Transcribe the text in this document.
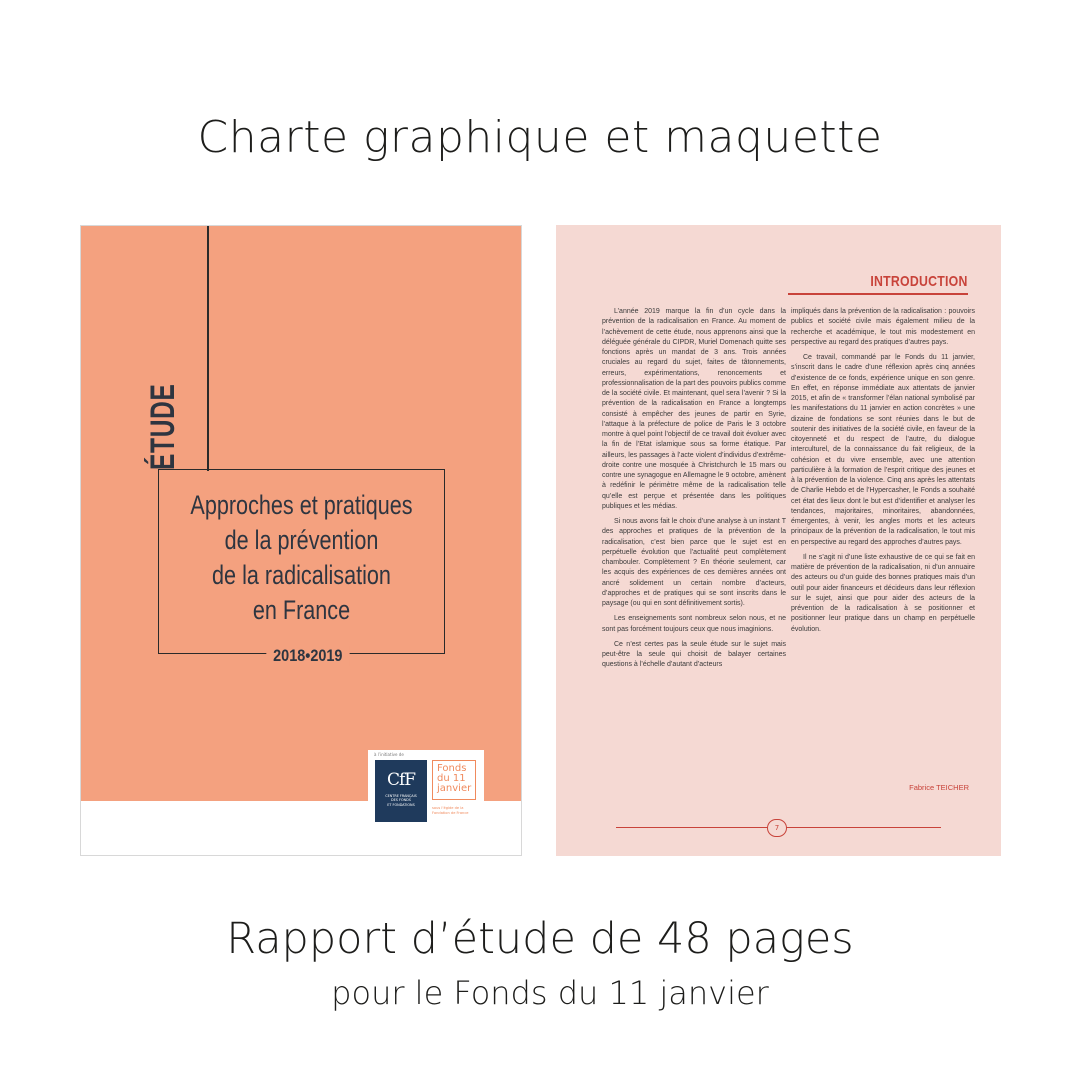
Charte graphique et maquette
ÉTUDE
Approches et pratiques
de la prévention
de la radicalisation
en France
2018•2019
à l’initiative de
CfF
CENTRE FRANÇAIS
DES FONDS
ET FONDATIONS
Fonds
du 11
janvier
sous l’égide de la Fondation de France
INTRODUCTION

L’année 2019 marque la fin d’un cycle dans la prévention de la radicalisation en France. Au moment de l’achèvement de cette étude, nous apprenons ainsi que la déléguée générale du CIPDR, Muriel Domenach quitte ses fonctions après un mandat de 3 ans. Trois années cruciales au regard du sujet, faites de tâtonnements, erreurs, expérimentations, renoncements et professionnalisation de la part des pouvoirs publics comme de la société civile. Et maintenant, quel sera l’avenir ? Si la prévention de la radicalisation en France a longtemps consisté à empêcher des jeunes de partir en Syrie, l’attaque à la préfecture de police de Paris le 3 octobre montre à quel point l’objectif de ce travail doit évoluer avec la fin de l’Etat islamique sous sa forme étatique. Par ailleurs, les passages à l’acte violent d’individus d’extrême-droite contre une mosquée à Christchurch le 15 mars ou contre une synagogue en Allemagne le 9 octobre, amènent à redéfinir le périmètre même de la radicalisation telle qu’elle est perçue et présentée dans les politiques publiques et les médias.

Si nous avons fait le choix d’une analyse à un instant T des approches et pratiques de la prévention de la radicalisation, c’est bien parce que le sujet est en perpétuelle évolution que l’actualité peut complètement chambouler. Complètement ? En théorie seulement, car les acquis des expériences de ces dernières années ont ancré solidement un certain nombre d’acteurs, d’approches et de pratiques qui se sont inscrits dans le paysage (ou qui en sont définitivement sortis).

Les enseignements sont nombreux selon nous, et ne sont pas forcément toujours ceux que nous imaginions.

Ce n’est certes pas la seule étude sur le sujet mais peut-être la seule qui choisit de balayer certaines questions à l’échelle d’autant d’acteurs

impliqués dans la prévention de la radicalisation : pouvoirs publics et société civile mais également milieu de la recherche et académique, le tout mis modestement en perspective au regard des pratiques d’autres pays.

Ce travail, commandé par le Fonds du 11 janvier, s’inscrit dans le cadre d’une réflexion après cinq années d’existence de ce fonds, expérience unique en son genre. En effet, en réponse immédiate aux attentats de janvier 2015, et afin de « transformer l’élan national symbolisé par les manifestations du 11 janvier en action concrètes » une dizaine de fondations se sont réunies dans le but de soutenir des initiatives de la société civile, en faveur de la citoyenneté et du respect de l’autre, du dialogue interculturel, de la connaissance du fait religieux, de la cohésion et du vivre ensemble, avec une attention particulière à la formation de l’esprit critique des jeunes et à la prévention de la violence. Cinq ans après les attentats de Charlie Hebdo et de l’Hypercasher, le Fonds a souhaité cet état des lieux dont le but est d’identifier et analyser les tendances, majoritaires, minoritaires, abandonnées, émergentes, à venir, les angles morts et les acteurs principaux de la prévention de la radicalisation, le tout mis en perspective au regard des approches d’autres pays.

Il ne s’agit ni d’une liste exhaustive de ce qui se fait en matière de prévention de la radicalisation, ni d’un annuaire des acteurs ou d’un guide des bonnes pratiques mais d’un outil pour aider financeurs et décideurs dans leur réflexion sur le sujet, ainsi que pour aider des acteurs de la prévention de la radicalisation à se positionner et positionner leur pratique dans un champ en perpétuelle évolution.

Fabrice TEICHER
7
Rapport d’étude de 48 pages
pour le Fonds du 11 janvier
